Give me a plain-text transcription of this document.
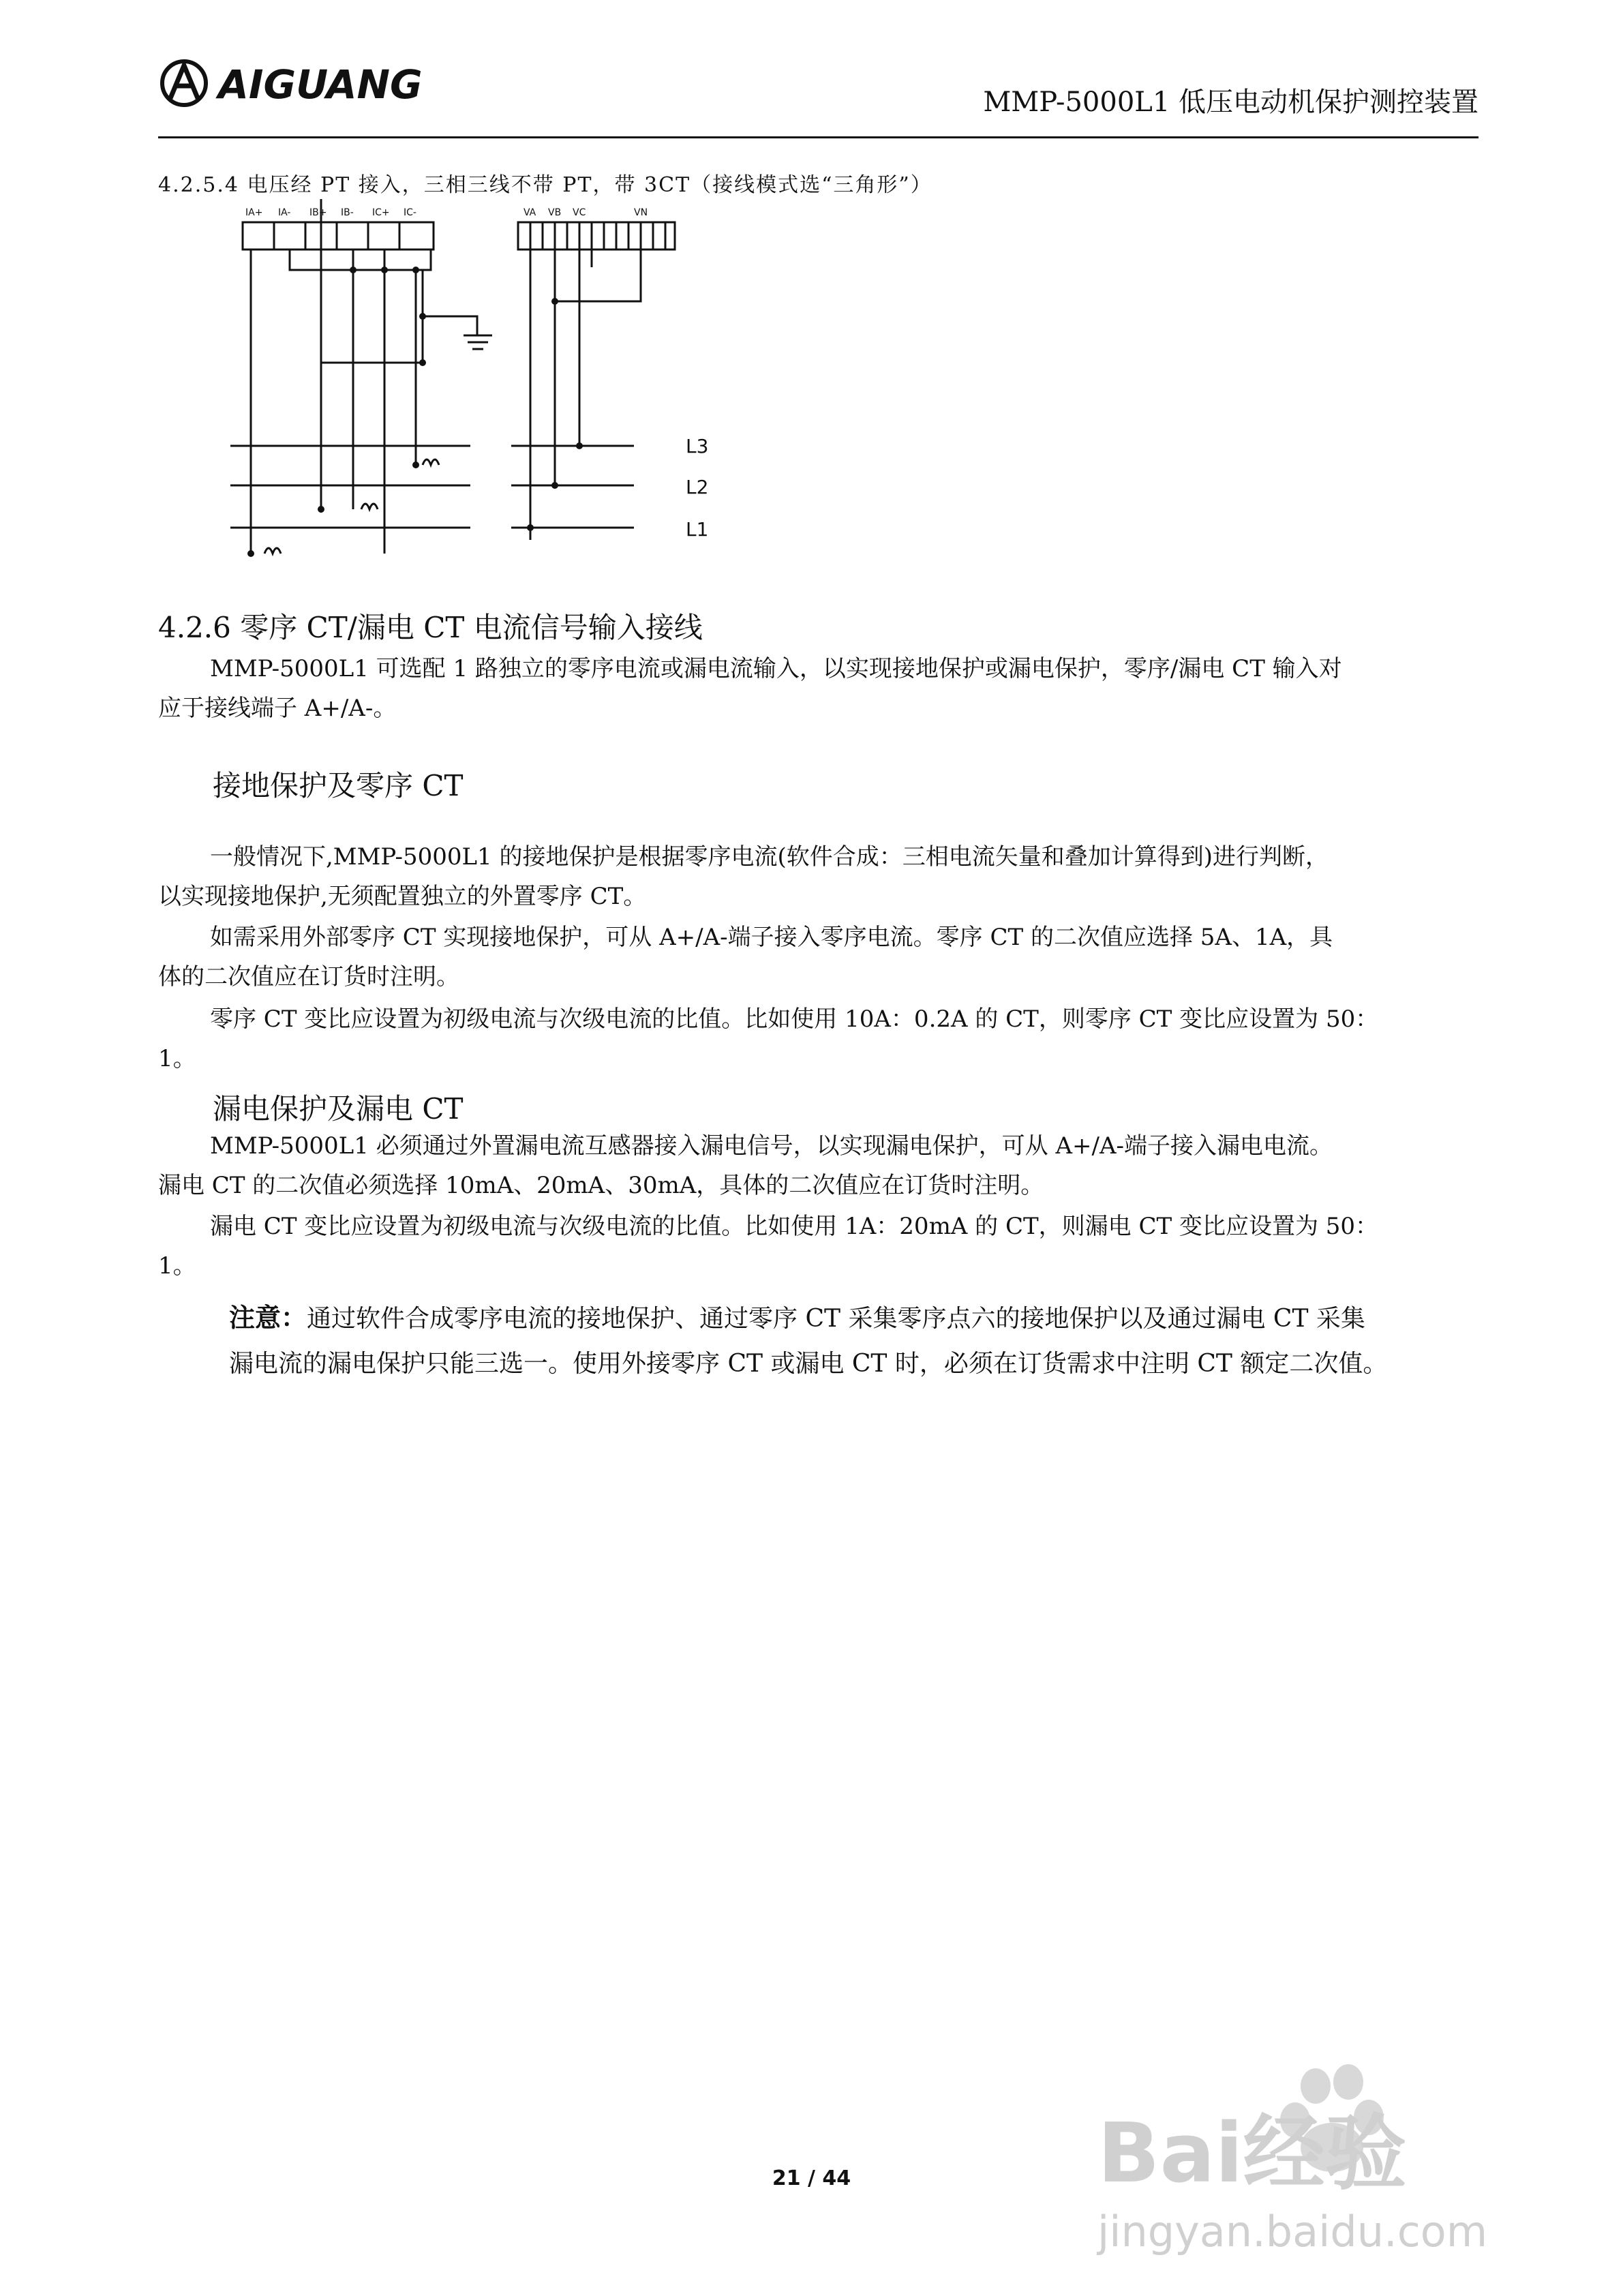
AIGUANG	MMP-5000L1 低压电动机保护测控装置
4.2.5.4 电压经 PT 接入，三相三线不带 PT，带 3CT（接线模式选“三角形”）
IA+ IA- IB+ IB- IC+ IC-	VA VB VC	VN
L3
L2
L1
4.2.6 零序 CT/漏电 CT 电流信号输入接线
MMP-5000L1 可选配 1 路独立的零序电流或漏电流输入，以实现接地保护或漏电保护，零序/漏电 CT 输入对
应于接线端子 A+/A-。
接地保护及零序 CT
一般情况下,MMP-5000L1 的接地保护是根据零序电流(软件合成：三相电流矢量和叠加计算得到)进行判断，
以实现接地保护,无须配置独立的外置零序 CT。
如需采用外部零序 CT 实现接地保护，可从 A+/A-端子接入零序电流。零序 CT 的二次值应选择 5A、1A，具
体的二次值应在订货时注明。
零序 CT 变比应设置为初级电流与次级电流的比值。比如使用 10A：0.2A 的 CT，则零序 CT 变比应设置为 50：
1。
漏电保护及漏电 CT
MMP-5000L1 必须通过外置漏电流互感器接入漏电信号，以实现漏电保护，可从 A+/A-端子接入漏电电流。
漏电 CT 的二次值必须选择 10mA、20mA、30mA，具体的二次值应在订货时注明。
漏电 CT 变比应设置为初级电流与次级电流的比值。比如使用 1A：20mA 的 CT，则漏电 CT 变比应设置为 50：
1。
注意：通过软件合成零序电流的接地保护、通过零序 CT 采集零序点六的接地保护以及通过漏电 CT 采集
漏电流的漏电保护只能三选一。使用外接零序 CT 或漏电 CT 时，必须在订货需求中注明 CT 额定二次值。
Bai经验
jingyan.baidu.com
21 / 44
